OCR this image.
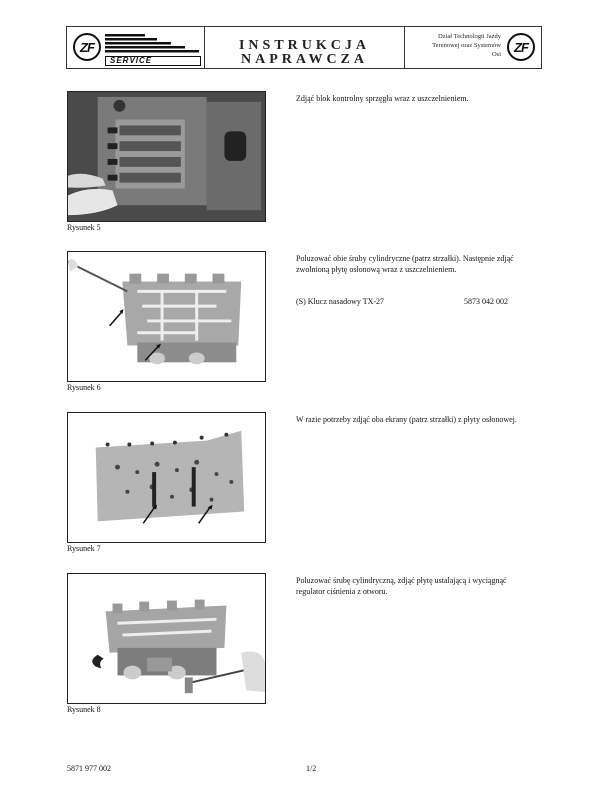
ZF
SERVICE
INSTRUKCJA
NAPRAWCZA
Dział Technologii Jazdy
Terenowej oraz Systemów
Osi ZF
Rysunek 5

Zdjąć blok kontrolny sprzęgła wraz z uszczelnieniem.

Rysunek 6

Poluzować obie śruby cylindryczne (patrz strzałki). Następnie zdjąć zwolnioną płytę osłonową wraz z uszczelnieniem.

(S) Klucz nasadowy TX-27	5873 042 002
Rysunek 7

W razie potrzeby zdjąć oba ekrany (patrz strzałki) z płyty osłonowej.

Rysunek 8

Poluzować śrubę cylindryczną, zdjąć płytę ustalającą i wyciągnąć regulator ciśnienia z otworu.

5871 977 002	1/2
